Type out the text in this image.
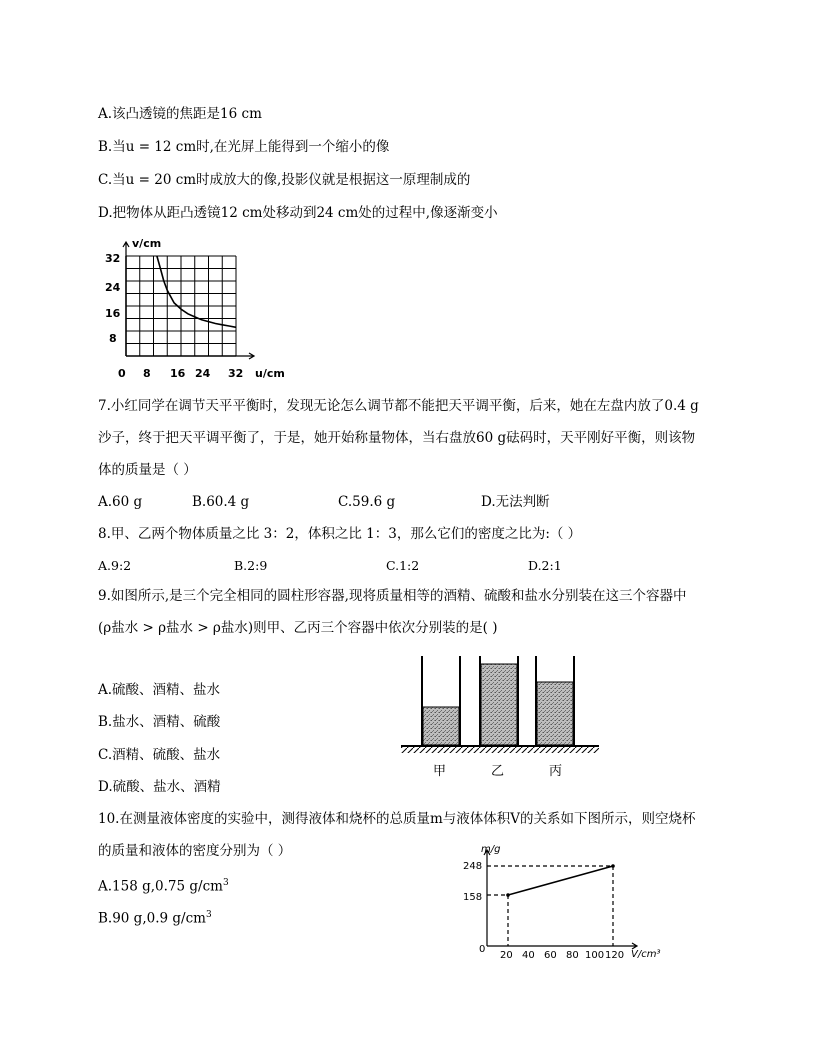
A.该凸透镜的焦距是16 cm
B.当u = 12 cm时,在光屏上能得到一个缩小的像
C.当u = 20 cm时成放大的像,投影仪就是根据这一原理制成的
D.把物体从距凸透镜12 cm处移动到24 cm处的过程中,像逐渐变小
v/cm
u/cm
32
24
16
8
0 8 16 24 32
7.小红同学在调节天平平衡时，发现无论怎么调节都不能把天平调平衡，后来，她在左盘内放了0.4 g
沙子，终于把天平调平衡了，于是，她开始称量物体，当右盘放60 g砝码时，天平刚好平衡，则该物
体的质量是（ ）
A.60 g	B.60.4 g	C.59.6 g	D.无法判断
8.甲、乙两个物体质量之比 3：2，体积之比 1：3，那么它们的密度之比为:（ ）
A.9:2	B.2:9	C.1:2	D.2:1
9.如图所示,是三个完全相同的圆柱形容器,现将质量相等的酒精、硫酸和盐水分别装在这三个容器中
(ρ盐水 > ρ盐水 > ρ盐水)则甲、乙丙三个容器中依次分别装的是( )
A.硫酸、酒精、盐水
B.盐水、酒精、硫酸
C.酒精、硫酸、盐水
D.硫酸、盐水、酒精
甲	乙	丙
10.在测量液体密度的实验中，测得液体和烧杯的总质量m与液体体积V的关系如下图所示，则空烧杯
的质量和液体的密度分别为（ ）
A.158 g,0.75 $g/cm^3$
B.90 g,0.9 $g/cm^3$
m/g
V/cm³
248
158
0
20 40 60 80 100 120
